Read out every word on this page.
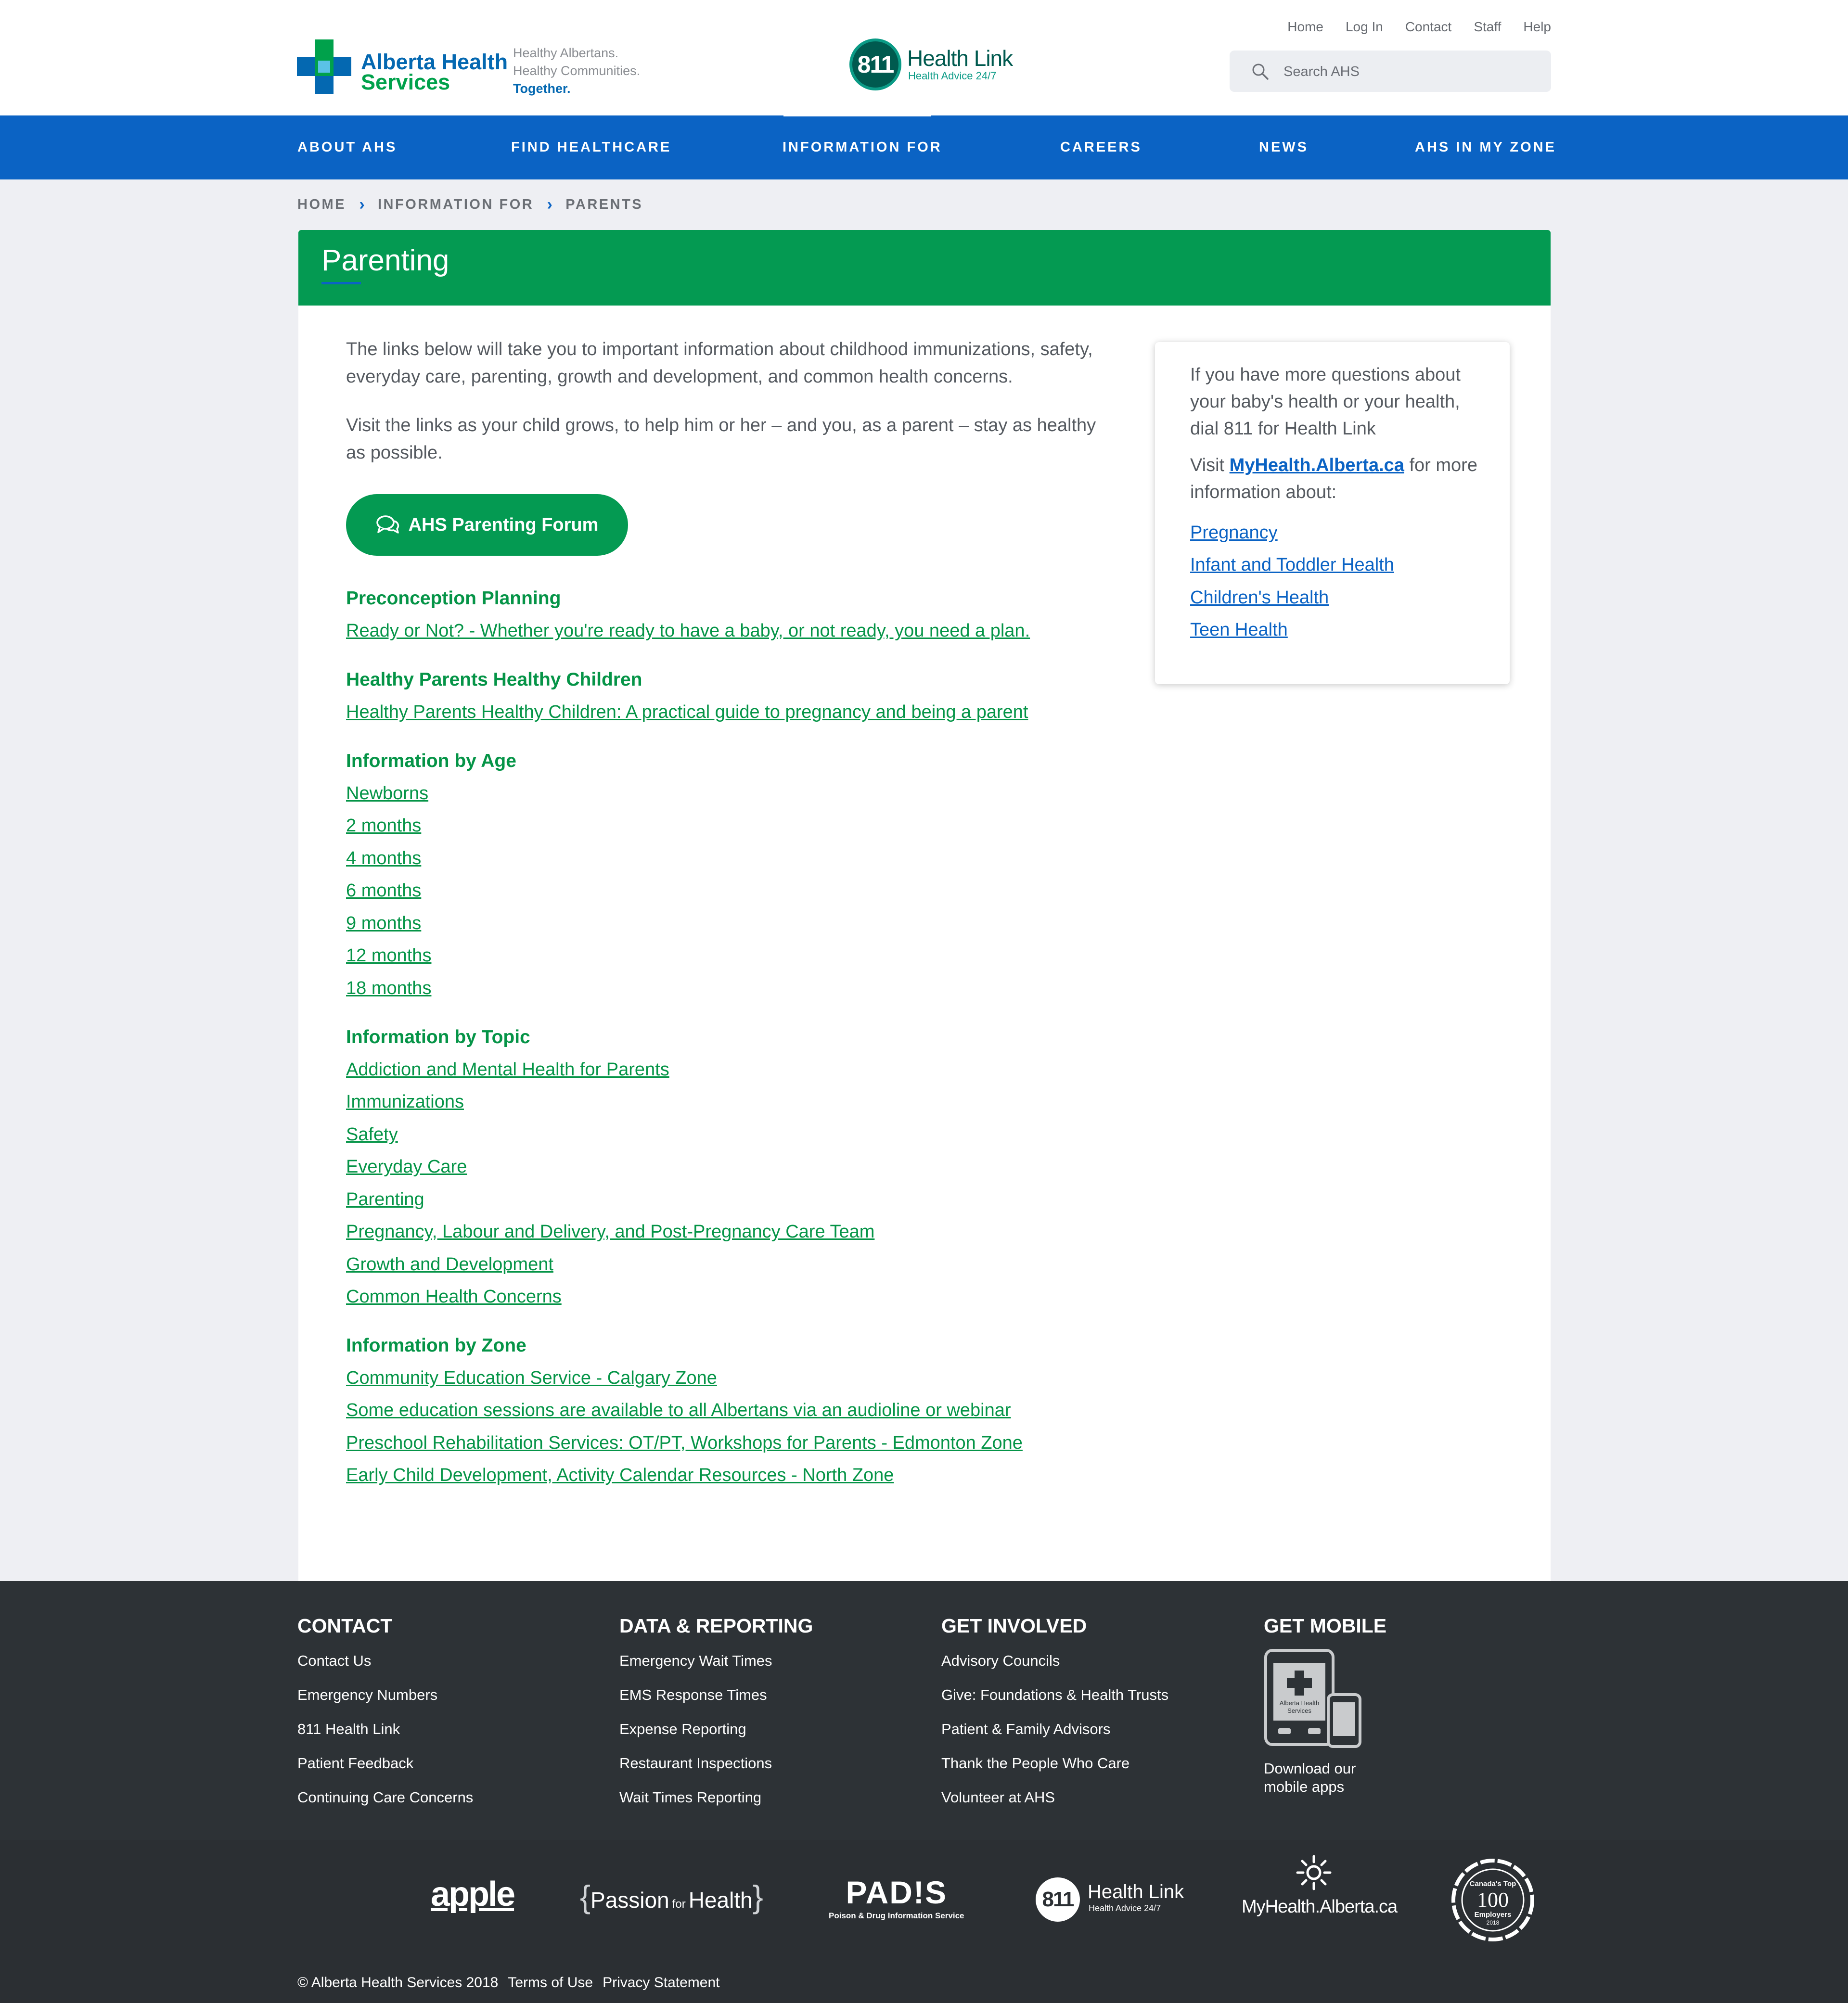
Alberta Health
Services
Healthy Albertans.
Healthy Communities.
Together.
811 Health Link
Health Advice 24/7
Home Log In Contact Staff Help
Search AHS
ABOUT AHS	FIND HEALTHCARE	INFORMATION FOR	CAREERS	NEWS	AHS IN MY ZONE
HOME › INFORMATION FOR › PARENTS
Parenting

The links below will take you to important information about childhood immunizations, safety, everyday care, parenting, growth and development, and common health concerns.

Visit the links as your child grows, to help him or her – and you, as a parent – stay as healthy as possible.

AHS Parenting Forum
Preconception Planning
Ready or Not? - Whether you're ready to have a baby, or not ready, you need a plan.
Healthy Parents Healthy Children
Healthy Parents Healthy Children: A practical guide to pregnancy and being a parent
Information by Age
Newborns
2 months
4 months
6 months
9 months
12 months
18 months
Information by Topic
Addiction and Mental Health for Parents
Immunizations
Safety
Everyday Care
Parenting
Pregnancy, Labour and Delivery, and Post-Pregnancy Care Team
Growth and Development
Common Health Concerns
Information by Zone
Community Education Service - Calgary Zone
Some education sessions are available to all Albertans via an audioline or webinar
Preschool Rehabilitation Services: OT/PT, Workshops for Parents - Edmonton Zone
Early Child Development, Activity Calendar Resources - North Zone

If you have more questions about your baby's health or your health, dial 811 for Health Link

Visit MyHealth.Alberta.ca for more information about:

Pregnancy
Infant and Toddler Health
Children's Health
Teen Health
CONTACT
Contact Us
Emergency Numbers
811 Health Link
Patient Feedback
Continuing Care Concerns
DATA & REPORTING
Emergency Wait Times
EMS Response Times
Expense Reporting
Restaurant Inspections
Wait Times Reporting
GET INVOLVED
Advisory Councils
Give: Foundations & Health Trusts
Patient & Family Advisors
Thank the People Who Care
Volunteer at AHS
GET MOBILE
Alberta Health
Services
Download our
mobile apps
apple {Passion for Health}	PAD!S
Poison & Drug Information Service
811 Health Link
Health Advice 24/7	MyHealth.Alberta.ca
Canada's Top
100
Employers
2018
© Alberta Health Services 2018 Terms of Use Privacy Statement
